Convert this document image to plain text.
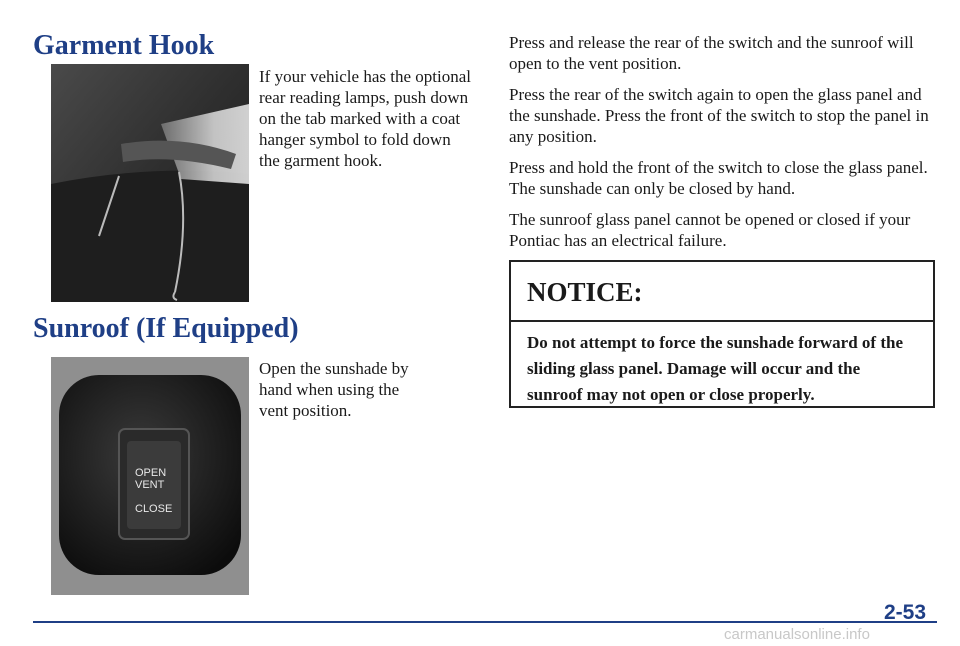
Garment Hook

If your vehicle has the optional rear reading lamps, push down on the tab marked with a coat hanger symbol to fold down the garment hook.

Sunroof (If Equipped)
OPEN
VENT
CLOSE

Open the sunshade by hand when using the vent position.

Press and release the rear of the switch and the sunroof will open to the vent position.

Press the rear of the switch again to open the glass panel and the sunshade. Press the front of the switch to stop the panel in any position.

Press and hold the front of the switch to close the glass panel. The sunshade can only be closed by hand.

The sunroof glass panel cannot be opened or closed if your Pontiac has an electrical failure.

NOTICE:
Do not attempt to force the sunshade forward of the sliding glass panel. Damage will occur and the sunroof may not open or close properly.
2-53
carmanualsonline.info
